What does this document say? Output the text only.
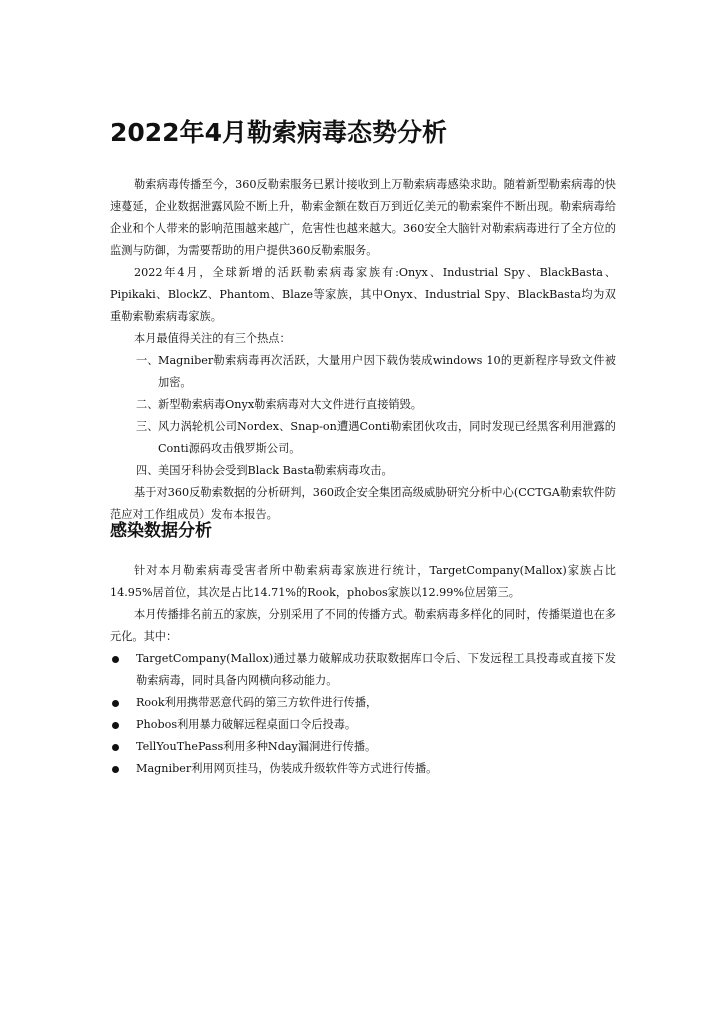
2022年4月勒索病毒态势分析

勒索病毒传播至今，360反勒索服务已累计接收到上万勒索病毒感染求助。随着新型勒索病毒的快速蔓延，企业数据泄露风险不断上升，勒索金额在数百万到近亿美元的勒索案件不断出现。勒索病毒给企业和个人带来的影响范围越来越广，危害性也越来越大。360安全大脑针对勒索病毒进行了全方位的监测与防御，为需要帮助的用户提供360反勒索服务。

2022年4月，全球新增的活跃勒索病毒家族有:Onyx、Industrial Spy、BlackBasta、Pipikaki、BlockZ、Phantom、Blaze等家族，其中Onyx、Industrial Spy、BlackBasta均为双重勒索勒索病毒家族。

本月最值得关注的有三个热点：

一、 Magniber勒索病毒再次活跃，大量用户因下载伪装成windows 10的更新程序导致文件被加密。
二、 新型勒索病毒Onyx勒索病毒对大文件进行直接销毁。
三、 风力涡轮机公司Nordex、Snap-on遭遇Conti勒索团伙攻击，同时发现已经黑客利用泄露的Conti源码攻击俄罗斯公司。
四、 美国牙科协会受到Black Basta勒索病毒攻击。

基于对360反勒索数据的分析研判，360政企安全集团高级威胁研究分析中心(CCTGA勒索软件防范应对工作组成员）发布本报告。

感染数据分析

针对本月勒索病毒受害者所中勒索病毒家族进行统计，TargetCompany(Mallox)家族占比14.95%居首位，其次是占比14.71%的Rook，phobos家族以12.99%位居第三。

本月传播排名前五的家族，分别采用了不同的传播方式。勒索病毒多样化的同时，传播渠道也在多元化。其中：

TargetCompany(Mallox)通过暴力破解成功获取数据库口令后、下发远程工具投毒或直接下发勒索病毒，同时具备内网横向移动能力。
Rook利用携带恶意代码的第三方软件进行传播，
Phobos利用暴力破解远程桌面口令后投毒。
TellYouThePass利用多种Nday漏洞进行传播。
Magniber利用网页挂马，伪装成升级软件等方式进行传播。
